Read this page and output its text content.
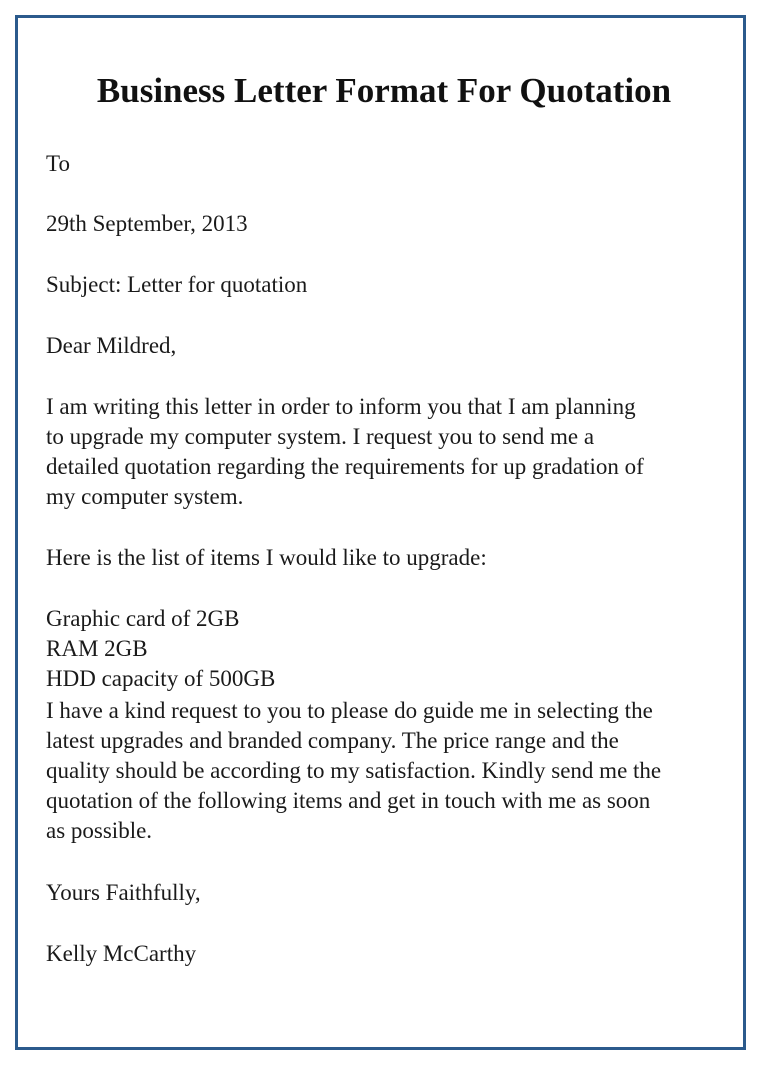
Business Letter Format For Quotation
To
29th September, 2013
Subject: Letter for quotation
Dear Mildred,
I am writing this letter in order to inform you that I am planning
to upgrade my computer system. I request you to send me a
detailed quotation regarding the requirements for up gradation of
my computer system.
Here is the list of items I would like to upgrade:
Graphic card of 2GB
RAM 2GB
HDD capacity of 500GB
I have a kind request to you to please do guide me in selecting the
latest upgrades and branded company. The price range and the
quality should be according to my satisfaction. Kindly send me the
quotation of the following items and get in touch with me as soon
as possible.
Yours Faithfully,
Kelly McCarthy
